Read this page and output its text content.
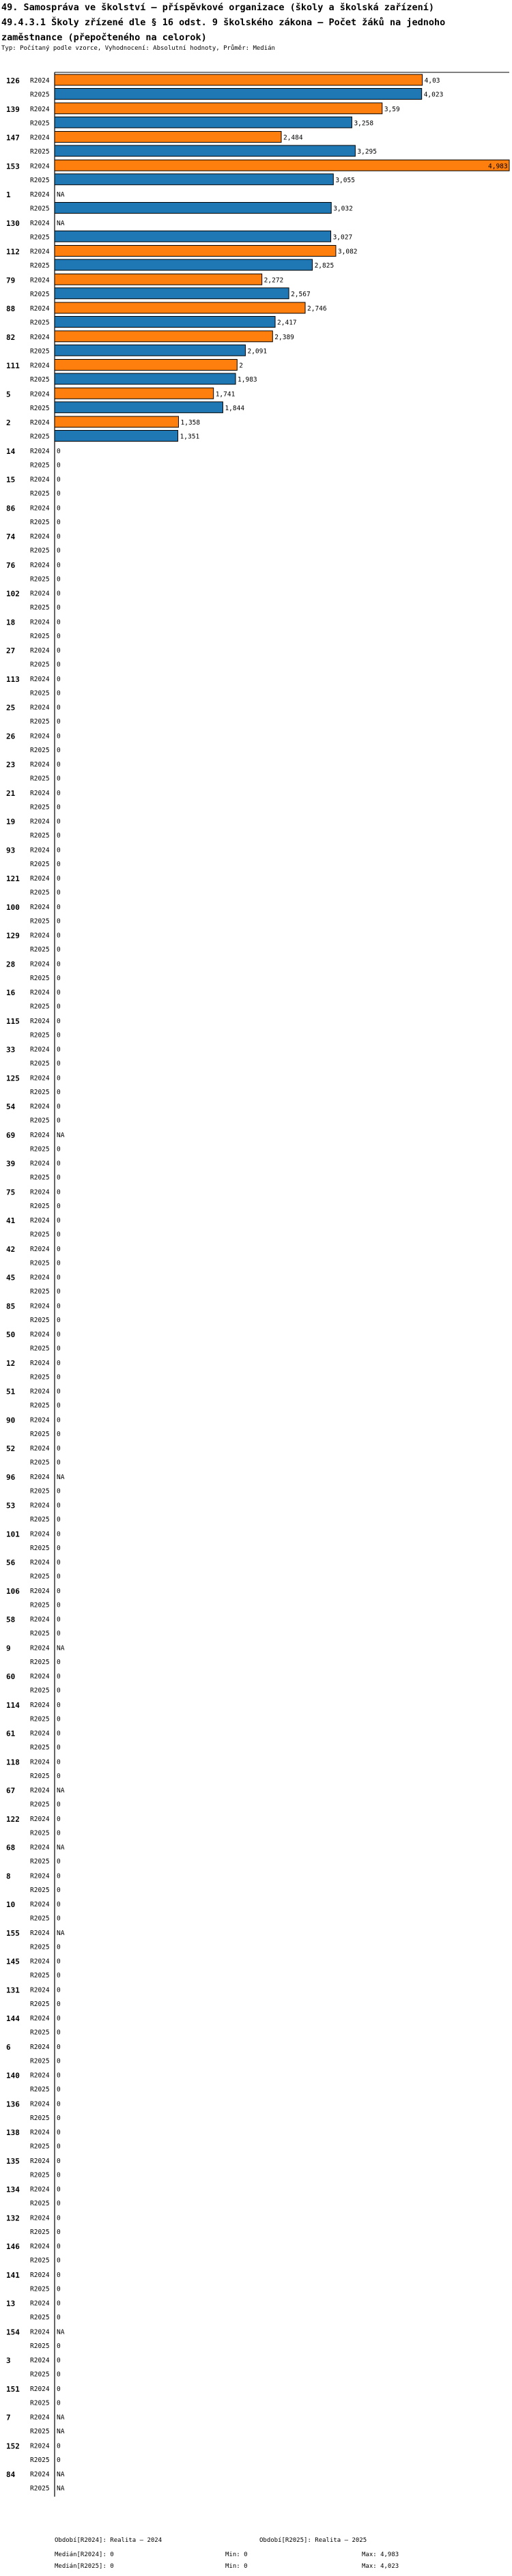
49. Samospráva ve školství – příspěvkové organizace (školy a školská zařízení)
49.4.3.1 Školy zřízené dle § 16 odst. 9 školského zákona – Počet žáků na jednoho
zaměstnance (přepočteného na celorok)
Typ: Počítaný podle vzorce, Vyhodnocení: Absolutní hodnoty, Průměr: Medián
126 R2024	4,03
R2025	4,023
139 R2024	3,59
R2025	3,258
147 R2024	2,484
R2025	3,295
153 R2024	4,983
R2025	3,055
1	R2024 NA
R2025	3,032
130 R2024 NA
R2025	3,027
112 R2024	3,082
R2025	2,825
79 R2024	2,272
R2025	2,567
88 R2024	2,746
R2025	2,417
82 R2024	2,389
R2025	2,091
111 R2024	2
R2025	1,983
5	R2024	1,741
R2025	1,844
2	R2024	1,358
R2025	1,351
14 R2024 0
R2025 0
15 R2024 0
R2025 0
86 R2024 0
R2025 0
74 R2024 0
R2025 0
76 R2024 0
R2025 0
102 R2024 0
R2025 0
18 R2024 0
R2025 0
27 R2024 0
R2025 0
113 R2024 0
R2025 0
25 R2024 0
R2025 0
26 R2024 0
R2025 0
23 R2024 0
R2025 0
21 R2024 0
R2025 0
19 R2024 0
R2025 0
93 R2024 0
R2025 0
121 R2024 0
R2025 0
100 R2024 0
R2025 0
129 R2024 0
R2025 0
28 R2024 0
R2025 0
16 R2024 0
R2025 0
115 R2024 0
R2025 0
33 R2024 0
R2025 0
125 R2024 0
R2025 0
54 R2024 0
R2025 0
69 R2024 NA
R2025 0
39 R2024 0
R2025 0
75 R2024 0
R2025 0
41 R2024 0
R2025 0
42 R2024 0
R2025 0
45 R2024 0
R2025 0
85 R2024 0
R2025 0
50 R2024 0
R2025 0
12 R2024 0
R2025 0
51 R2024 0
R2025 0
90 R2024 0
R2025 0
52 R2024 0
R2025 0
96 R2024 NA
R2025 0
53 R2024 0
R2025 0
101 R2024 0
R2025 0
56 R2024 0
R2025 0
106 R2024 0
R2025 0
58 R2024 0
R2025 0
9	R2024 NA
R2025 0
60 R2024 0
R2025 0
114 R2024 0
R2025 0
61 R2024 0
R2025 0
118 R2024 0
R2025 0
67 R2024 NA
R2025 0
122 R2024 0
R2025 0
68 R2024 NA
R2025 0
8	R2024 0
R2025 0
10 R2024 0
R2025 0
155 R2024 NA
R2025 0
145 R2024 0
R2025 0
131 R2024 0
R2025 0
144 R2024 0
R2025 0
6	R2024 0
R2025 0
140 R2024 0
R2025 0
136 R2024 0
R2025 0
138 R2024 0
R2025 0
135 R2024 0
R2025 0
134 R2024 0
R2025 0
132 R2024 0
R2025 0
146 R2024 0
R2025 0
141 R2024 0
R2025 0
13 R2024 0
R2025 0
154 R2024 NA
R2025 0
3	R2024 0
R2025 0
151 R2024 0
R2025 0
7	R2024 NA
R2025 NA
152 R2024 0
R2025 0
84 R2024 NA
R2025 NA
Období[R2024]: Realita – 2024	Období[R2025]: Realita – 2025
Medián[R2024]: 0	Min: 0	Max: 4,983
Medián[R2025]: 0	Min: 0	Max: 4,023
